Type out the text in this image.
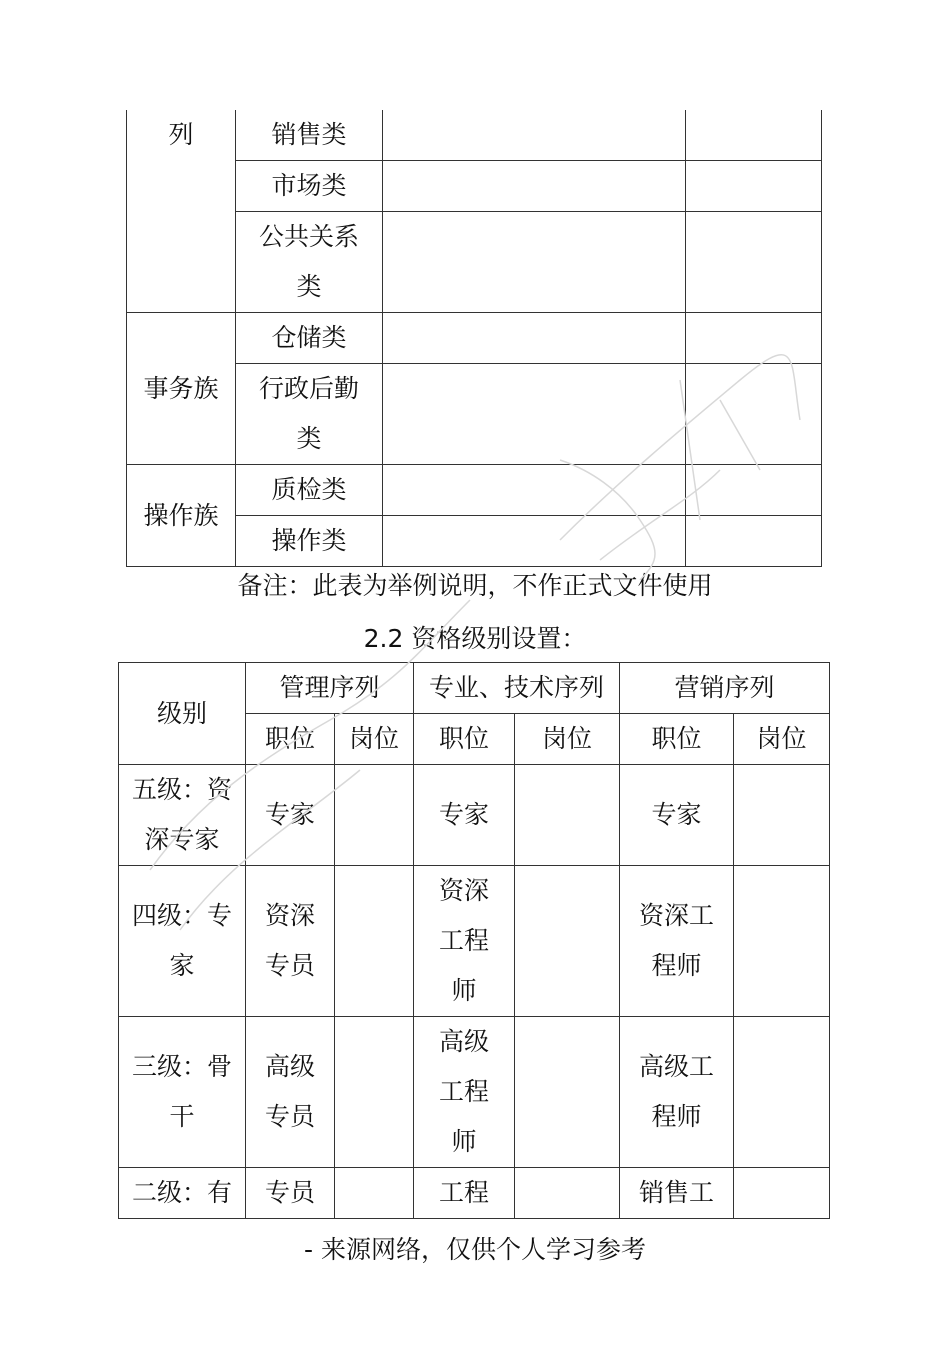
列	销售类		
	市场类		
	公共关系类		
事务族	仓储类		
	行政后勤类		
操作族	质检类		
	操作类		
备注：此表为举例说明，不作正式文件使用
2.2 资格级别设置：
级别	管理序列		专业、技术序列		营销序列	
	职位	岗位	职位	岗位	职位	岗位
五级：资深专家	专家		专家		专家	
四级：专家	资深专员		资深工程师		资深工程师	
三级：骨干	高级专员		高级工程师		高级工程师	
二级：有	专员		工程		销售工	
- 来源网络，仅供个人学习参考
